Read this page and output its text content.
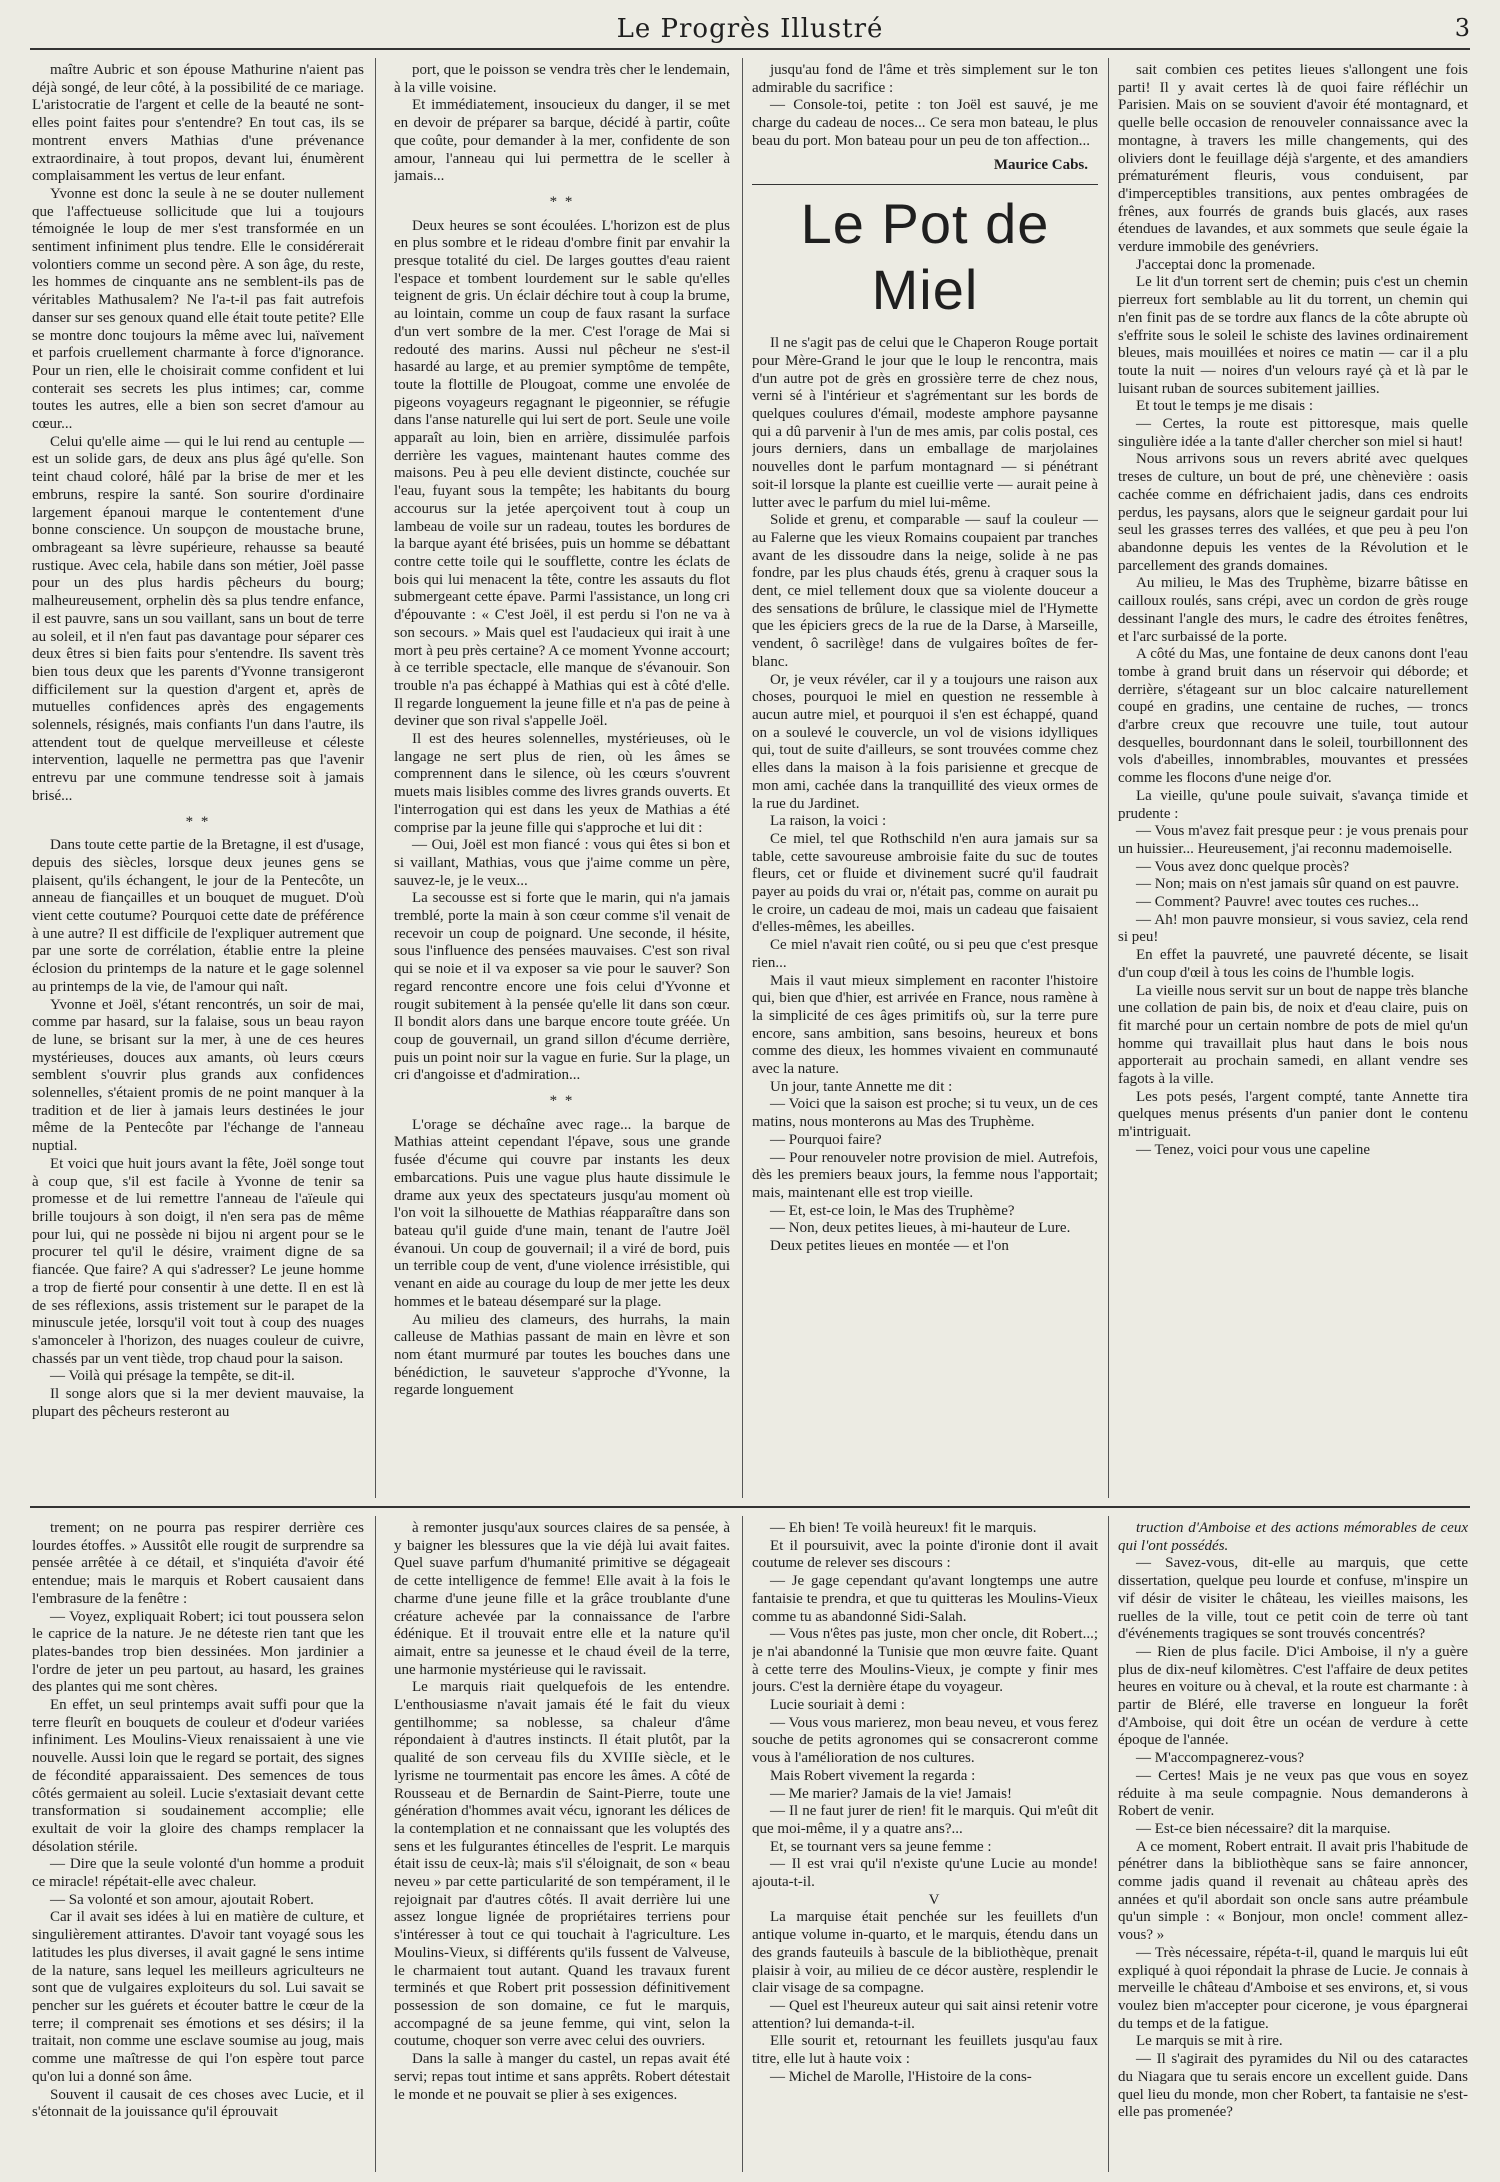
Le Progrès Illustré	3

maître Aubric et son épouse Mathurine n'aient pas déjà songé, de leur côté, à la possibilité de ce mariage. L'aristocratie de l'argent et celle de la beauté ne sont-elles point faites pour s'entendre? En tout cas, ils se montrent envers Mathias d'une prévenance extraordinaire, à tout propos, devant lui, énumèrent complaisamment les vertus de leur enfant.

Yvonne est donc la seule à ne se douter nullement que l'affectueuse sollicitude que lui a toujours témoignée le loup de mer s'est transformée en un sentiment infiniment plus tendre. Elle le considérerait volontiers comme un second père. A son âge, du reste, les hommes de cinquante ans ne semblent-ils pas de véritables Mathusalem? Ne l'a-t-il pas fait autrefois danser sur ses genoux quand elle était toute petite? Elle se montre donc toujours la même avec lui, naïvement et parfois cruellement charmante à force d'ignorance. Pour un rien, elle le choisirait comme confident et lui conterait ses secrets les plus intimes; car, comme toutes les autres, elle a bien son secret d'amour au cœur...

Celui qu'elle aime — qui le lui rend au centuple — est un solide gars, de deux ans plus âgé qu'elle. Son teint chaud coloré, hâlé par la brise de mer et les embruns, respire la santé. Son sourire d'ordinaire largement épanoui marque le contentement d'une bonne conscience. Un soupçon de moustache brune, ombrageant sa lèvre supérieure, rehausse sa beauté rustique. Avec cela, habile dans son métier, Joël passe pour un des plus hardis pêcheurs du bourg; malheureusement, orphelin dès sa plus tendre enfance, il est pauvre, sans un sou vaillant, sans un bout de terre au soleil, et il n'en faut pas davantage pour séparer ces deux êtres si bien faits pour s'entendre. Ils savent très bien tous deux que les parents d'Yvonne transigeront difficilement sur la question d'argent et, après de mutuelles confidences après des engagements solennels, résignés, mais confiants l'un dans l'autre, ils attendent tout de quelque merveilleuse et céleste intervention, laquelle ne permettra pas que l'avenir entrevu par une commune tendresse soit à jamais brisé...

* *

Dans toute cette partie de la Bretagne, il est d'usage, depuis des siècles, lorsque deux jeunes gens se plaisent, qu'ils échangent, le jour de la Pentecôte, un anneau de fiançailles et un bouquet de muguet. D'où vient cette coutume? Pourquoi cette date de préférence à une autre? Il est difficile de l'expliquer autrement que par une sorte de corrélation, établie entre la pleine éclosion du printemps de la nature et le gage solennel au printemps de la vie, de l'amour qui naît.

Yvonne et Joël, s'étant rencontrés, un soir de mai, comme par hasard, sur la falaise, sous un beau rayon de lune, se brisant sur la mer, à une de ces heures mystérieuses, douces aux amants, où leurs cœurs semblent s'ouvrir plus grands aux confidences solennelles, s'étaient promis de ne point manquer à la tradition et de lier à jamais leurs destinées le jour même de la Pentecôte par l'échange de l'anneau nuptial.

Et voici que huit jours avant la fête, Joël songe tout à coup que, s'il est facile à Yvonne de tenir sa promesse et de lui remettre l'anneau de l'aïeule qui brille toujours à son doigt, il n'en sera pas de même pour lui, qui ne possède ni bijou ni argent pour se le procurer tel qu'il le désire, vraiment digne de sa fiancée. Que faire? A qui s'adresser? Le jeune homme a trop de fierté pour consentir à une dette. Il en est là de ses réflexions, assis tristement sur le parapet de la minuscule jetée, lorsqu'il voit tout à coup des nuages s'amonceler à l'horizon, des nuages couleur de cuivre, chassés par un vent tiède, trop chaud pour la saison.

— Voilà qui présage la tempête, se dit-il.

Il songe alors que si la mer devient mauvaise, la plupart des pêcheurs resteront au

port, que le poisson se vendra très cher le lendemain, à la ville voisine.

Et immédiatement, insoucieux du danger, il se met en devoir de préparer sa barque, décidé à partir, coûte que coûte, pour demander à la mer, confidente de son amour, l'anneau qui lui permettra de le sceller à jamais...

* *

Deux heures se sont écoulées. L'horizon est de plus en plus sombre et le rideau d'ombre finit par envahir la presque totalité du ciel. De larges gouttes d'eau raient l'espace et tombent lourdement sur le sable qu'elles teignent de gris. Un éclair déchire tout à coup la brume, au lointain, comme un coup de faux rasant la surface d'un vert sombre de la mer. C'est l'orage de Mai si redouté des marins. Aussi nul pêcheur ne s'est-il hasardé au large, et au premier symptôme de tempête, toute la flottille de Plougoat, comme une envolée de pigeons voyageurs regagnant le pigeonnier, se réfugie dans l'anse naturelle qui lui sert de port. Seule une voile apparaît au loin, bien en arrière, dissimulée parfois derrière les vagues, maintenant hautes comme des maisons. Peu à peu elle devient distincte, couchée sur l'eau, fuyant sous la tempête; les habitants du bourg accourus sur la jetée aperçoivent tout à coup un lambeau de voile sur un radeau, toutes les bordures de la barque ayant été brisées, puis un homme se débattant contre cette toile qui le soufflette, contre les éclats de bois qui lui menacent la tête, contre les assauts du flot submergeant cette épave. Parmi l'assistance, un long cri d'épouvante : « C'est Joël, il est perdu si l'on ne va à son secours. » Mais quel est l'audacieux qui irait à une mort à peu près certaine? A ce moment Yvonne accourt; à ce terrible spectacle, elle manque de s'évanouir. Son trouble n'a pas échappé à Mathias qui est à côté d'elle. Il regarde longuement la jeune fille et n'a pas de peine à deviner que son rival s'appelle Joël.

Il est des heures solennelles, mystérieuses, où le langage ne sert plus de rien, où les âmes se comprennent dans le silence, où les cœurs s'ouvrent muets mais lisibles comme des livres grands ouverts. Et l'interrogation qui est dans les yeux de Mathias a été comprise par la jeune fille qui s'approche et lui dit :

— Oui, Joël est mon fiancé : vous qui êtes si bon et si vaillant, Mathias, vous que j'aime comme un père, sauvez-le, je le veux...

La secousse est si forte que le marin, qui n'a jamais tremblé, porte la main à son cœur comme s'il venait de recevoir un coup de poignard. Une seconde, il hésite, sous l'influence des pensées mauvaises. C'est son rival qui se noie et il va exposer sa vie pour le sauver? Son regard rencontre encore une fois celui d'Yvonne et rougit subitement à la pensée qu'elle lit dans son cœur. Il bondit alors dans une barque encore toute gréée. Un coup de gouvernail, un grand sillon d'écume derrière, puis un point noir sur la vague en furie. Sur la plage, un cri d'angoisse et d'admiration...

* *

L'orage se déchaîne avec rage... la barque de Mathias atteint cependant l'épave, sous une grande fusée d'écume qui couvre par instants les deux embarcations. Puis une vague plus haute dissimule le drame aux yeux des spectateurs jusqu'au moment où l'on voit la silhouette de Mathias réapparaître dans son bateau qu'il guide d'une main, tenant de l'autre Joël évanoui. Un coup de gouvernail; il a viré de bord, puis un terrible coup de vent, d'une violence irrésistible, qui venant en aide au courage du loup de mer jette les deux hommes et le bateau désemparé sur la plage.

Au milieu des clameurs, des hurrahs, la main calleuse de Mathias passant de main en lèvre et son nom étant murmuré par toutes les bouches dans une bénédiction, le sauveteur s'approche d'Yvonne, la regarde longuement

jusqu'au fond de l'âme et très simplement sur le ton admirable du sacrifice :

— Console-toi, petite : ton Joël est sauvé, je me charge du cadeau de noces... Ce sera mon bateau, le plus beau du port. Mon bateau pour un peu de ton affection...

Maurice Cabs.
Le Pot de Miel

Il ne s'agit pas de celui que le Chaperon Rouge portait pour Mère-Grand le jour que le loup le rencontra, mais d'un autre pot de grès en grossière terre de chez nous, verni sé à l'intérieur et s'agrémentant sur les bords de quelques coulures d'émail, modeste amphore paysanne qui a dû parvenir à l'un de mes amis, par colis postal, ces jours derniers, dans un emballage de marjolaines nouvelles dont le parfum montagnard — si pénétrant soit-il lorsque la plante est cueillie verte — aurait peine à lutter avec le parfum du miel lui-même.

Solide et grenu, et comparable — sauf la couleur — au Falerne que les vieux Romains coupaient par tranches avant de les dissoudre dans la neige, solide à ne pas fondre, par les plus chauds étés, grenu à craquer sous la dent, ce miel tellement doux que sa violente douceur a des sensations de brûlure, le classique miel de l'Hymette que les épiciers grecs de la rue de la Darse, à Marseille, vendent, ô sacrilège! dans de vulgaires boîtes de fer-blanc.

Or, je veux révéler, car il y a toujours une raison aux choses, pourquoi le miel en question ne ressemble à aucun autre miel, et pourquoi il s'en est échappé, quand on a soulevé le couvercle, un vol de visions idylliques qui, tout de suite d'ailleurs, se sont trouvées comme chez elles dans la maison à la fois parisienne et grecque de mon ami, cachée dans la tranquillité des vieux ormes de la rue du Jardinet.

La raison, la voici :

Ce miel, tel que Rothschild n'en aura jamais sur sa table, cette savoureuse ambroisie faite du suc de toutes fleurs, cet or fluide et divinement sucré qu'il faudrait payer au poids du vrai or, n'était pas, comme on aurait pu le croire, un cadeau de moi, mais un cadeau que faisaient d'elles-mêmes, les abeilles.

Ce miel n'avait rien coûté, ou si peu que c'est presque rien...

Mais il vaut mieux simplement en raconter l'histoire qui, bien que d'hier, est arrivée en France, nous ramène à la simplicité de ces âges primitifs où, sur la terre pure encore, sans ambition, sans besoins, heureux et bons comme des dieux, les hommes vivaient en communauté avec la nature.

Un jour, tante Annette me dit :

— Voici que la saison est proche; si tu veux, un de ces matins, nous monterons au Mas des Truphème.

— Pourquoi faire?

— Pour renouveler notre provision de miel. Autrefois, dès les premiers beaux jours, la femme nous l'apportait; mais, maintenant elle est trop vieille.

— Et, est-ce loin, le Mas des Truphème?

— Non, deux petites lieues, à mi-hauteur de Lure.

Deux petites lieues en montée — et l'on

sait combien ces petites lieues s'allongent une fois parti! Il y avait certes là de quoi faire réfléchir un Parisien. Mais on se souvient d'avoir été montagnard, et quelle belle occasion de renouveler connaissance avec la montagne, à travers les mille changements, qui des oliviers dont le feuillage déjà s'argente, et des amandiers prématurément fleuris, vous conduisent, par d'imperceptibles transitions, aux pentes ombragées de frênes, aux fourrés de grands buis glacés, aux rases étendues de lavandes, et aux sommets que seule égaie la verdure immobile des genévriers.

J'acceptai donc la promenade.

Le lit d'un torrent sert de chemin; puis c'est un chemin pierreux fort semblable au lit du torrent, un chemin qui n'en finit pas de se tordre aux flancs de la côte abrupte où s'effrite sous le soleil le schiste des lavines ordinairement bleues, mais mouillées et noires ce matin — car il a plu toute la nuit — noires d'un velours rayé çà et là par le luisant ruban de sources subitement jaillies.

Et tout le temps je me disais :

— Certes, la route est pittoresque, mais quelle singulière idée a la tante d'aller chercher son miel si haut!

Nous arrivons sous un revers abrité avec quelques treses de culture, un bout de pré, une chènevière : oasis cachée comme en défrichaient jadis, dans ces endroits perdus, les paysans, alors que le seigneur gardait pour lui seul les grasses terres des vallées, et que peu à peu l'on abandonne depuis les ventes de la Révolution et le parcellement des grands domaines.

Au milieu, le Mas des Truphème, bizarre bâtisse en cailloux roulés, sans crépi, avec un cordon de grès rouge dessinant l'angle des murs, le cadre des étroites fenêtres, et l'arc surbaissé de la porte.

A côté du Mas, une fontaine de deux canons dont l'eau tombe à grand bruit dans un réservoir qui déborde; et derrière, s'étageant sur un bloc calcaire naturellement coupé en gradins, une centaine de ruches, — troncs d'arbre creux que recouvre une tuile, tout autour desquelles, bourdonnant dans le soleil, tourbillonnent des vols d'abeilles, innombrables, mouvantes et pressées comme les flocons d'une neige d'or.

La vieille, qu'une poule suivait, s'avança timide et prudente :

— Vous m'avez fait presque peur : je vous prenais pour un huissier... Heureusement, j'ai reconnu mademoiselle.

— Vous avez donc quelque procès?

— Non; mais on n'est jamais sûr quand on est pauvre.

— Comment? Pauvre! avec toutes ces ruches...

— Ah! mon pauvre monsieur, si vous saviez, cela rend si peu!

En effet la pauvreté, une pauvreté décente, se lisait d'un coup d'œil à tous les coins de l'humble logis.

La vieille nous servit sur un bout de nappe très blanche une collation de pain bis, de noix et d'eau claire, puis on fit marché pour un certain nombre de pots de miel qu'un homme qui travaillait plus haut dans le bois nous apporterait au prochain samedi, en allant vendre ses fagots à la ville.

Les pots pesés, l'argent compté, tante Annette tira quelques menus présents d'un panier dont le contenu m'intriguait.

— Tenez, voici pour vous une capeline

trement; on ne pourra pas respirer derrière ces lourdes étoffes. » Aussitôt elle rougit de surprendre sa pensée arrêtée à ce détail, et s'inquiéta d'avoir été entendue; mais le marquis et Robert causaient dans l'embrasure de la fenêtre :

— Voyez, expliquait Robert; ici tout poussera selon le caprice de la nature. Je ne déteste rien tant que les plates-bandes trop bien dessinées. Mon jardinier a l'ordre de jeter un peu partout, au hasard, les graines des plantes qui me sont chères.

En effet, un seul printemps avait suffi pour que la terre fleurît en bouquets de couleur et d'odeur variées infiniment. Les Moulins-Vieux renaissaient à une vie nouvelle. Aussi loin que le regard se portait, des signes de fécondité apparaissaient. Des semences de tous côtés germaient au soleil. Lucie s'extasiait devant cette transformation si soudainement accomplie; elle exultait de voir la gloire des champs remplacer la désolation stérile.

— Dire que la seule volonté d'un homme a produit ce miracle! répétait-elle avec chaleur.

— Sa volonté et son amour, ajoutait Robert.

Car il avait ses idées à lui en matière de culture, et singulièrement attirantes. D'avoir tant voyagé sous les latitudes les plus diverses, il avait gagné le sens intime de la nature, sans lequel les meilleurs agriculteurs ne sont que de vulgaires exploiteurs du sol. Lui savait se pencher sur les guérets et écouter battre le cœur de la terre; il comprenait ses émotions et ses désirs; il la traitait, non comme une esclave soumise au joug, mais comme une maîtresse de qui l'on espère tout parce qu'on lui a donné son âme.

Souvent il causait de ces choses avec Lucie, et il s'étonnait de la jouissance qu'il éprouvait

à remonter jusqu'aux sources claires de sa pensée, à y baigner les blessures que la vie déjà lui avait faites. Quel suave parfum d'humanité primitive se dégageait de cette intelligence de femme! Elle avait à la fois le charme d'une jeune fille et la grâce troublante d'une créature achevée par la connaissance de l'arbre édénique. Et il trouvait entre elle et la nature qu'il aimait, entre sa jeunesse et le chaud éveil de la terre, une harmonie mystérieuse qui le ravissait.

Le marquis riait quelquefois de les entendre. L'enthousiasme n'avait jamais été le fait du vieux gentilhomme; sa noblesse, sa chaleur d'âme répondaient à d'autres instincts. Il était plutôt, par la qualité de son cerveau fils du XVIIIe siècle, et le lyrisme ne tourmentait pas encore les âmes. A côté de Rousseau et de Bernardin de Saint-Pierre, toute une génération d'hommes avait vécu, ignorant les délices de la contemplation et ne connaissant que les voluptés des sens et les fulgurantes étincelles de l'esprit. Le marquis était issu de ceux-là; mais s'il s'éloignait, de son « beau neveu » par cette particularité de son tempérament, il le rejoignait par d'autres côtés. Il avait derrière lui une assez longue lignée de propriétaires terriens pour s'intéresser à tout ce qui touchait à l'agriculture. Les Moulins-Vieux, si différents qu'ils fussent de Valveuse, le charmaient tout autant. Quand les travaux furent terminés et que Robert prit possession définitivement possession de son domaine, ce fut le marquis, accompagné de sa jeune femme, qui vint, selon la coutume, choquer son verre avec celui des ouvriers.

Dans la salle à manger du castel, un repas avait été servi; repas tout intime et sans apprêts. Robert détestait le monde et ne pouvait se plier à ses exigences.

— Eh bien! Te voilà heureux! fit le marquis.

Et il poursuivit, avec la pointe d'ironie dont il avait coutume de relever ses discours :

— Je gage cependant qu'avant longtemps une autre fantaisie te prendra, et que tu quitteras les Moulins-Vieux comme tu as abandonné Sidi-Salah.

— Vous n'êtes pas juste, mon cher oncle, dit Robert...; je n'ai abandonné la Tunisie que mon œuvre faite. Quant à cette terre des Moulins-Vieux, je compte y finir mes jours. C'est la dernière étape du voyageur.

Lucie souriait à demi :

— Vous vous marierez, mon beau neveu, et vous ferez souche de petits agronomes qui se consacreront comme vous à l'amélioration de nos cultures.

Mais Robert vivement la regarda :

— Me marier? Jamais de la vie! Jamais!

— Il ne faut jurer de rien! fit le marquis. Qui m'eût dit que moi-même, il y a quatre ans?...

Et, se tournant vers sa jeune femme :

— Il est vrai qu'il n'existe qu'une Lucie au monde! ajouta-t-il.

V

La marquise était penchée sur les feuillets d'un antique volume in-quarto, et le marquis, étendu dans un des grands fauteuils à bascule de la bibliothèque, prenait plaisir à voir, au milieu de ce décor austère, resplendir le clair visage de sa compagne.

— Quel est l'heureux auteur qui sait ainsi retenir votre attention? lui demanda-t-il.

Elle sourit et, retournant les feuillets jusqu'au faux titre, elle lut à haute voix :

— Michel de Marolle, l'Histoire de la cons-

truction d'Amboise et des actions mémorables de ceux qui l'ont possédés.

— Savez-vous, dit-elle au marquis, que cette dissertation, quelque peu lourde et confuse, m'inspire un vif désir de visiter le château, les vieilles maisons, les ruelles de la ville, tout ce petit coin de terre où tant d'événements tragiques se sont trouvés concentrés?

— Rien de plus facile. D'ici Amboise, il n'y a guère plus de dix-neuf kilomètres. C'est l'affaire de deux petites heures en voiture ou à cheval, et la route est charmante : à partir de Bléré, elle traverse en longueur la forêt d'Amboise, qui doit être un océan de verdure à cette époque de l'année.

— M'accompagnerez-vous?

— Certes! Mais je ne veux pas que vous en soyez réduite à ma seule compagnie. Nous demanderons à Robert de venir.

— Est-ce bien nécessaire? dit la marquise.

A ce moment, Robert entrait. Il avait pris l'habitude de pénétrer dans la bibliothèque sans se faire annoncer, comme jadis quand il revenait au château après des années et qu'il abordait son oncle sans autre préambule qu'un simple : « Bonjour, mon oncle! comment allez-vous? »

— Très nécessaire, répéta-t-il, quand le marquis lui eût expliqué à quoi répondait la phrase de Lucie. Je connais à merveille le château d'Amboise et ses environs, et, si vous voulez bien m'accepter pour cicerone, je vous épargnerai du temps et de la fatigue.

Le marquis se mit à rire.

— Il s'agirait des pyramides du Nil ou des cataractes du Niagara que tu serais encore un excellent guide. Dans quel lieu du monde, mon cher Robert, ta fantaisie ne s'est-elle pas promenée?
